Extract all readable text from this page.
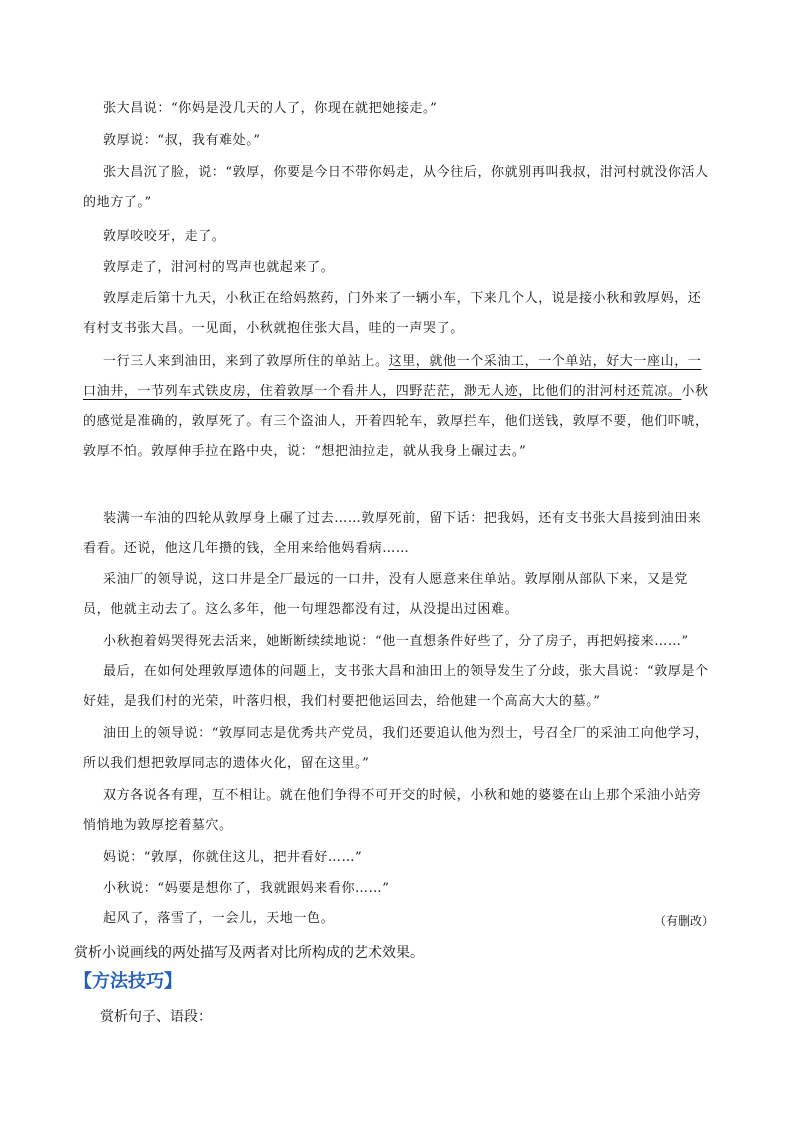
张大昌说：“你妈是没几天的人了，你现在就把她接走。”

敦厚说：“叔，我有难处。”

张大昌沉了脸，说：“敦厚，你要是今日不带你妈走，从今往后，你就别再叫我叔，泔河村就没你活人的地方了。”

敦厚咬咬牙，走了。

敦厚走了，泔河村的骂声也就起来了。

敦厚走后第十九天，小秋正在给妈熬药，门外来了一辆小车，下来几个人，说是接小秋和敦厚妈，还有村支书张大昌。一见面，小秋就抱住张大昌，哇的一声哭了。

一行三人来到油田，来到了敦厚所住的单站上。这里，就他一个采油工，一个单站，好大一座山，一口油井，一节列车式铁皮房，住着敦厚一个看井人，四野茫茫，渺无人迹，比他们的泔河村还荒凉。小秋的感觉是准确的，敦厚死了。有三个盗油人，开着四轮车，敦厚拦车，他们送钱，敦厚不要，他们吓唬，敦厚不怕。敦厚伸手拉在路中央，说：“想把油拉走，就从我身上碾过去。”

装满一车油的四轮从敦厚身上碾了过去……敦厚死前，留下话：把我妈，还有支书张大昌接到油田来看看。还说，他这几年攒的钱，全用来给他妈看病……

采油厂的领导说，这口井是全厂最远的一口井，没有人愿意来住单站。敦厚刚从部队下来，又是党员，他就主动去了。这么多年，他一句埋怨都没有过，从没提出过困难。

小秋抱着妈哭得死去活来，她断断续续地说：“他一直想条件好些了，分了房子，再把妈接来……”

最后，在如何处理敦厚遗体的问题上，支书张大昌和油田上的领导发生了分歧，张大昌说：“敦厚是个好娃，是我们村的光荣，叶落归根，我们村要把他运回去，给他建一个高高大大的墓。”

油田上的领导说：“敦厚同志是优秀共产党员，我们还要追认他为烈士，号召全厂的采油工向他学习，所以我们想把敦厚同志的遗体火化，留在这里。”

双方各说各有理，互不相让。就在他们争得不可开交的时候，小秋和她的婆婆在山上那个采油小站旁悄悄地为敦厚挖着墓穴。

妈说：“敦厚，你就住这儿，把井看好……”

小秋说：“妈要是想你了，我就跟妈来看你……”

起风了，落雪了，一会儿，天地一色。	（有删改）
赏析小说画线的两处描写及两者对比所构成的艺术效果。
【方法技巧】
赏析句子、语段：
